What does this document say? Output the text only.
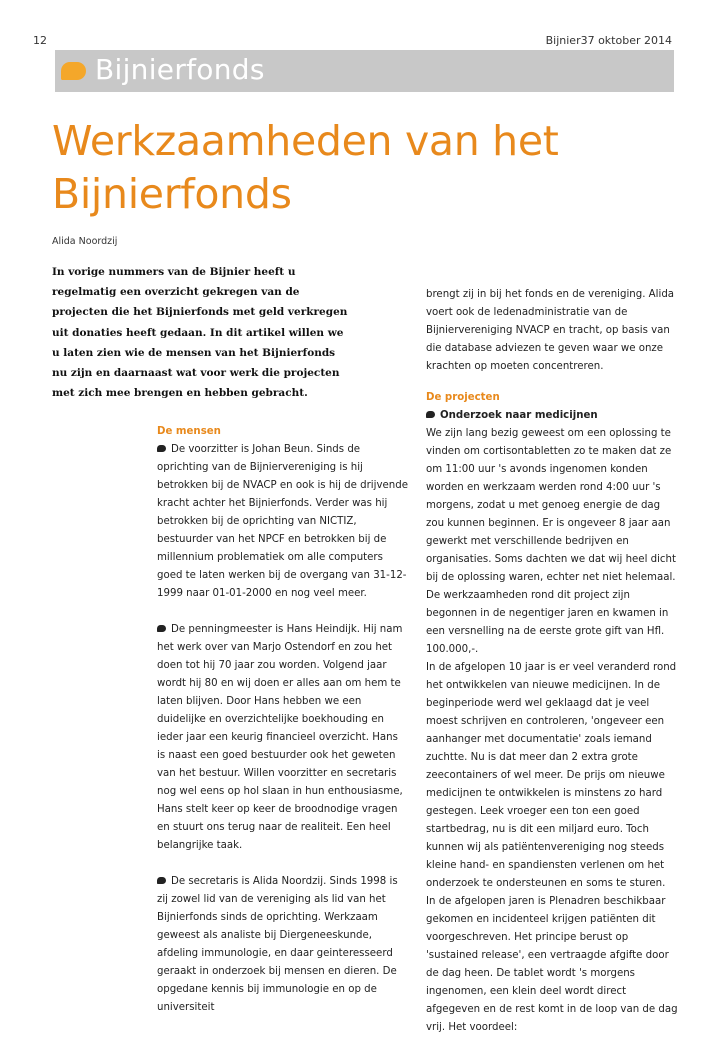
12	Bijnier37 oktober 2014
Bijnierfonds
Werkzaamheden van het Bijnierfonds
Alida Noordzij

In vorige nummers van de Bijnier heeft u regelmatig een overzicht gekregen van de projecten die het Bijnierfonds met geld verkregen uit donaties heeft gedaan. In dit artikel willen we u laten zien wie de mensen van het Bijnierfonds nu zijn en daarnaast wat voor werk die projecten met zich mee brengen en hebben gebracht.

brengt zij in bij het fonds en de vereniging. Alida voert ook de ledenadministratie van de Bijniervereniging NVACP en tracht, op basis van die database adviezen te geven waar we onze krachten op moeten concentreren.

De mensen

De voorzitter is Johan Beun. Sinds de oprichting van de Bijniervereniging is hij betrokken bij de NVACP en ook is hij de drijvende kracht achter het Bijnierfonds. Verder was hij betrokken bij de oprichting van NICTIZ, bestuurder van het NPCF en betrokken bij de millennium problematiek om alle computers goed te laten werken bij de overgang van 31-12-1999 naar 01-01-2000 en nog veel meer.

De penningmeester is Hans Heindijk. Hij nam het werk over van Marjo Ostendorf en zou het doen tot hij 70 jaar zou worden. Volgend jaar wordt hij 80 en wij doen er alles aan om hem te laten blijven. Door Hans hebben we een duidelijke en overzichtelijke boekhouding en ieder jaar een keurig financieel overzicht. Hans is naast een goed bestuurder ook het geweten van het bestuur. Willen voorzitter en secretaris nog wel eens op hol slaan in hun enthousiasme, Hans stelt keer op keer de broodnodige vragen en stuurt ons terug naar de realiteit. Een heel belangrijke taak.

De secretaris is Alida Noordzij. Sinds 1998 is zij zowel lid van de vereniging als lid van het Bijnierfonds sinds de oprichting. Werkzaam geweest als analiste bij Diergeneeskunde, afdeling immunologie, en daar geinteresseerd geraakt in onderzoek bij mensen en dieren. De opgedane kennis bij immunologie en op de universiteit

De projecten

Onderzoek naar medicijnen

We zijn lang bezig geweest om een oplossing te vinden om cortisontabletten zo te maken dat ze om 11:00 uur 's avonds ingenomen konden worden en werkzaam werden rond 4:00 uur 's morgens, zodat u met genoeg energie de dag zou kunnen beginnen. Er is ongeveer 8 jaar aan gewerkt met verschillende bedrijven en organisaties. Soms dachten we dat wij heel dicht bij de oplossing waren, echter net niet helemaal. De werkzaamheden rond dit project zijn begonnen in de negentiger jaren en kwamen in een versnelling na de eerste grote gift van Hfl. 100.000,-.

In de afgelopen 10 jaar is er veel veranderd rond het ontwikkelen van nieuwe medicijnen. In de beginperiode werd wel geklaagd dat je veel moest schrijven en controleren, 'ongeveer een aanhanger met documentatie' zoals iemand zuchtte. Nu is dat meer dan 2 extra grote zeecontainers of wel meer. De prijs om nieuwe medicijnen te ontwikkelen is minstens zo hard gestegen. Leek vroeger een ton een goed startbedrag, nu is dit een miljard euro. Toch kunnen wij als patiëntenvereniging nog steeds kleine hand- en spandiensten verlenen om het onderzoek te ondersteunen en soms te sturen.

In de afgelopen jaren is Plenadren beschikbaar gekomen en incidenteel krijgen patiënten dit voorgeschreven. Het principe berust op 'sustained release', een vertraagde afgifte door de dag heen. De tablet wordt 's morgens ingenomen, een klein deel wordt direct afgegeven en de rest komt in de loop van de dag vrij. Het voordeel:
